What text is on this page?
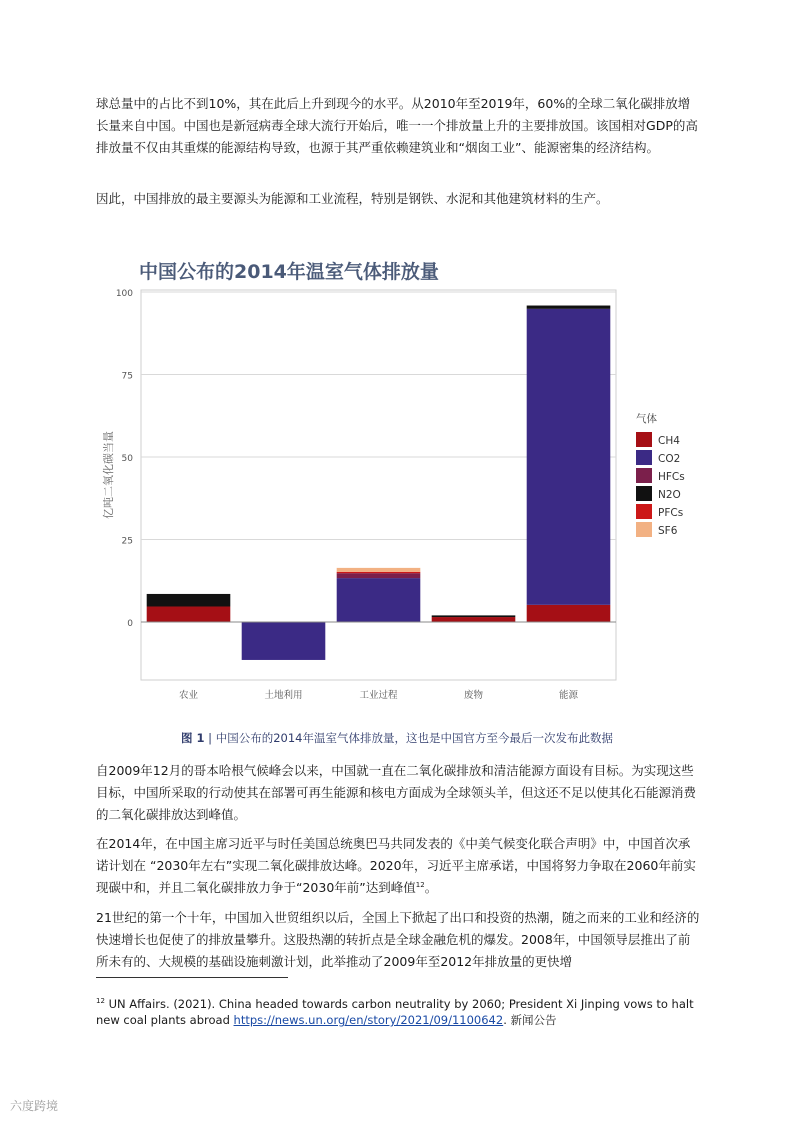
球总量中的占比不到10%，其在此后上升到现今的水平。从2010年至2019年，60%的全球二氧化碳排放增长量来自中国。中国也是新冠病毒全球大流行开始后，唯一一个排放量上升的主要排放国。该国相对GDP的高排放量不仅由其重煤的能源结构导致，也源于其严重依赖建筑业和“烟囱工业”、能源密集的经济结构。

因此，中国排放的最主要源头为能源和工业流程，特别是钢铁、水泥和其他建筑材料的生产。

中国公布的2014年温室气体排放量
0
25
50
75
100
亿吨二氧化碳当量
农业	土地利用	工业过程	废物	能源
气体
CH4
CO2
HFCs
N2O
PFCs
SF6
图 1 | 中国公布的2014年温室气体排放量，这也是中国官方至今最后一次发布此数据

自2009年12月的哥本哈根气候峰会以来，中国就一直在二氧化碳排放和清洁能源方面设有目标。为实现这些目标，中国所采取的行动使其在部署可再生能源和核电方面成为全球领头羊，但这还不足以使其化石能源消费的二氧化碳排放达到峰值。

在2014年，在中国主席习近平与时任美国总统奥巴马共同发表的《中美气候变化联合声明》中，中国首次承诺计划在 “2030年左右”实现二氧化碳排放达峰。2020年，习近平主席承诺，中国将努力争取在2060年前实现碳中和，并且二氧化碳排放力争于“2030年前”达到峰值$^{12}$。

21世纪的第一个十年，中国加入世贸组织以后，全国上下掀起了出口和投资的热潮，随之而来的工业和经济的快速增长也促使了的排放量攀升。这股热潮的转折点是全球金融危机的爆发。2008年，中国领导层推出了前所未有的、大规模的基础设施刺激计划，此举推动了2009年至2012年排放量的更快增

$^{12}$ UN Affairs. (2021). China headed towards carbon neutrality by 2060; President Xi Jinping vows to halt new coal plants abroad https://news.un.org/en/story/2021/09/1100642. 新闻公告
六度跨境
